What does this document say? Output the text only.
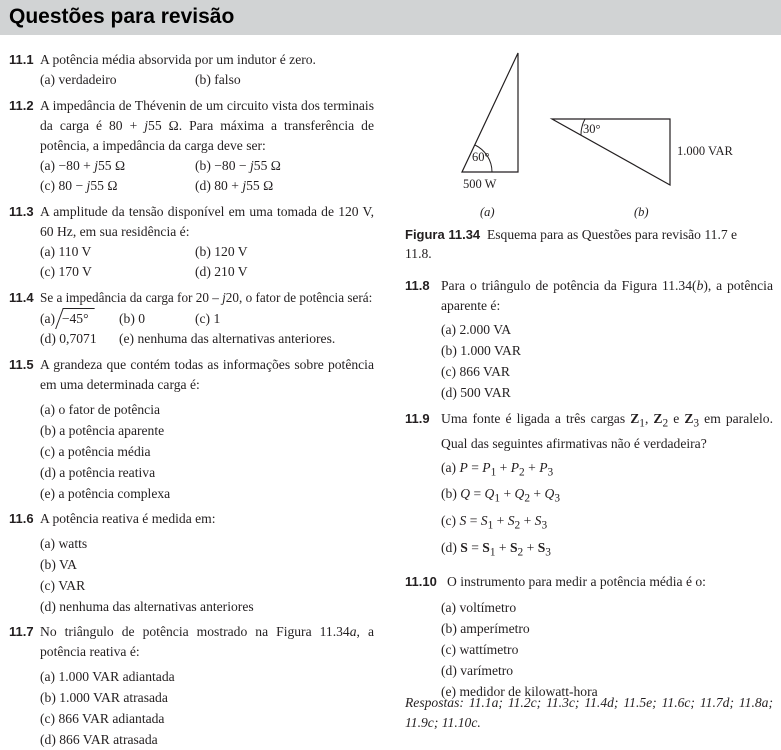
Questões para revisão
11.1 A potência média absorvida por um indutor é zero.
(a) verdadeiro	(b) falso
11.2 A impedância de Thévenin de um circuito vista dos terminais da carga é 80 + j55 Ω. Para máxima a transferência de potência, a impedância da carga deve ser:
(a) −80 + j55 Ω	(b) −80 − j55 Ω
(c) 80 − j55 Ω	(d) 80 + j55 Ω
11.3 A amplitude da tensão disponível em uma tomada de 120 V, 60 Hz, em sua residência é:
(a) 110 V	(b) 120 V
(c) 170 V	(d) 210 V
11.4 Se a impedância da carga for 20 – j20, o fator de potência será:
(a) −45° (b) 0	(c) 1
(d) 0,7071 (e) nenhuma das alternativas anteriores.
11.5 A grandeza que contém todas as informações sobre potência em uma determinada carga é:
(a) o fator de potência
(b) a potência aparente
(c) a potência média
(d) a potência reativa
(e) a potência complexa
11.6 A potência reativa é medida em:
(a) watts
(b) VA
(c) VAR
(d) nenhuma das alternativas anteriores
11.7 No triângulo de potência mostrado na Figura 11.34a, a potência reativa é:
(a) 1.000 VAR adiantada
(b) 1.000 VAR atrasada
(c) 866 VAR adiantada
(d) 866 VAR atrasada
60°
500 W
(a)
30°
1.000 VAR
(b)
Figura 11.34 Esquema para as Questões para revisão 11.7 e 11.8.
11.8 Para o triângulo de potência da Figura 11.34(b), a potência aparente é:
(a) 2.000 VA
(b) 1.000 VAR
(c) 866 VAR
(d) 500 VAR
11.9 Uma fonte é ligada a três cargas $Z_1$, $Z_2$ e $Z_3$ em paralelo. Qual das seguintes afirmativas não é verdadeira?
(a) $P = P_1 + P_2 + P_3$
(b) $Q = Q_1 + Q_2 + Q_3$
(c) $S = S_1 + S_2 + S_3$
(d) $S = S_1 + S_2 + S_3$
11.10 O instrumento para medir a potência média é o:
(a) voltímetro
(b) amperímetro
(c) wattímetro
(d) varímetro
(e) medidor de kilowatt-hora
Respostas: 11.1a; 11.2c; 11.3c; 11.4d; 11.5e; 11.6c; 11.7d; 11.8a; 11.9c; 11.10c.
